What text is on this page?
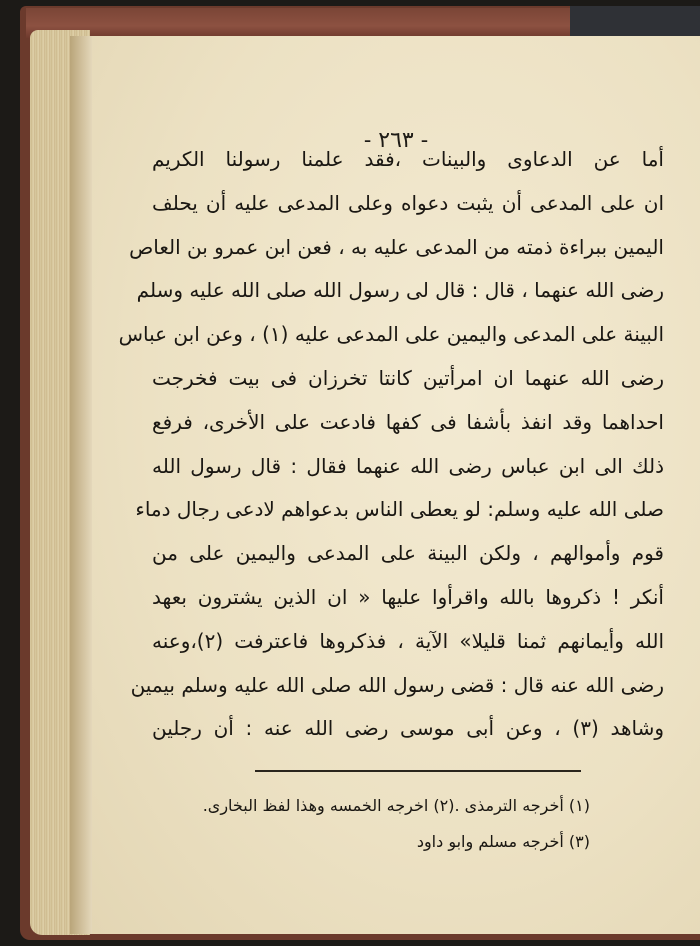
- ٢٦٣ -
أما عن الدعاوى والبينات ،فقد علمنا رسولنا الكريم
ان على المدعى أن يثبت دعواه وعلى المدعى عليه أن يحلف
اليمين ببراءة ذمته من المدعى عليه به ، فعن ابن عمرو بن العاص
رضى الله عنهما ، قال : قال لى رسول الله صلى الله عليه وسلم
البينة على المدعى واليمين على المدعى عليه (١) ، وعن ابن عباس
رضى الله عنهما ان امرأتين كانتا تخرزان فى بيت فخرجت
احداهما وقد انفذ بأشفا فى كفها فادعت على الأخرى، فرفع
ذلك الى ابن عباس رضى الله عنهما فقال : قال رسول الله
صلى الله عليه وسلم: لو يعطى الناس بدعواهم لادعى رجال دماء
قوم وأموالهم ، ولكن البينة على المدعى واليمين على من
أنكر ! ذكروها بالله واقرأوا عليها « ان الذين يشترون بعهد
الله وأيمانهم ثمنا قليلا» الآية ، فذكروها فاعترفت (٢)،وعنه
رضى الله عنه قال : قضى رسول الله صلى الله عليه وسلم بيمين
وشاهد (٣) ، وعن أبى موسى رضى الله عنه : أن رجلين
(١) أخرجه الترمذى .(٢) اخرجه الخمسه وهذا لفظ البخارى.
(٣) أخرجه مسلم وابو داود
